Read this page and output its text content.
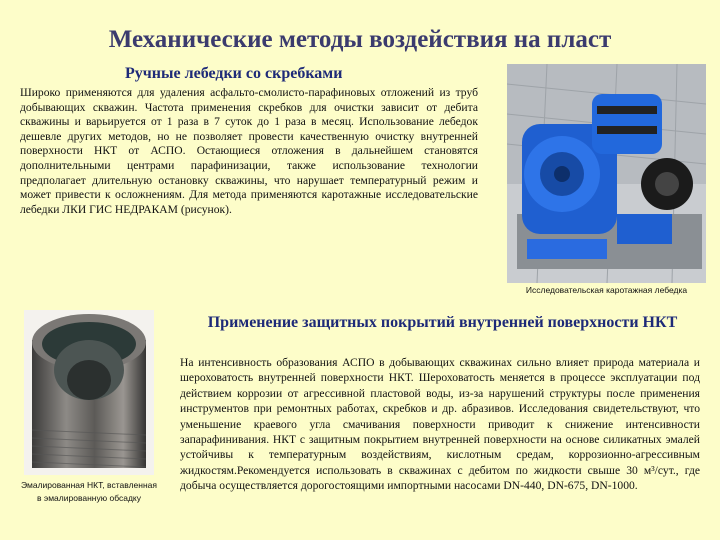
Механические методы воздействия на пласт
Ручные лебедки со скребками
Широко применяются для удаления асфальто-смолисто-парафиновых отложений из труб добывающих скважин. Частота применения скребков для очистки зависит от дебита скважины и варьируется от 1 раза в 7 суток до 1 раза в месяц. Использование лебедок дешевле других методов, но не позволяет провести качественную очистку внутренней поверхности НКТ от АСПО. Остающиеся отложения в дальнейшем становятся дополнительными центрами парафинизации, также использование технологии предполагает длительную остановку скважины, что нарушает температурный режим и может привести к осложнениям. Для метода применяются каротажные исследовательские лебедки ЛКИ ГИС НЕДРАКАМ (рисунок).
Исследовательская каротажная лебедка
Применение защитных покрытий внутренней поверхности НКТ
Эмалированная НКТ, вставленная в эмалированную обсадку
На интенсивность образования АСПО в добывающих скважинах сильно влияет природа материала и шероховатость внутренней поверхности НКТ. Шероховатость меняется в процессе эксплуатации под действием коррозии от агрессивной пластовой воды, из-за нарушений структуры после применения инструментов при ремонтных работах, скребков и др. абразивов. Исследования свидетельствуют, что уменьшение краевого угла смачивания поверхности приводит к снижение интенсивности запарафинивания. НКТ с защитным покрытием внутренней поверхности на основе силикатных эмалей устойчивы к температурным воздействиям, кислотным средам, коррозионно-агрессивным жидкостям.Рекомендуется использовать в скважинах с дебитом по жидкости свыше 30 м³/сут., где добыча осуществляется дорогостоящими импортными насосами DN-440, DN-675, DN-1000.
